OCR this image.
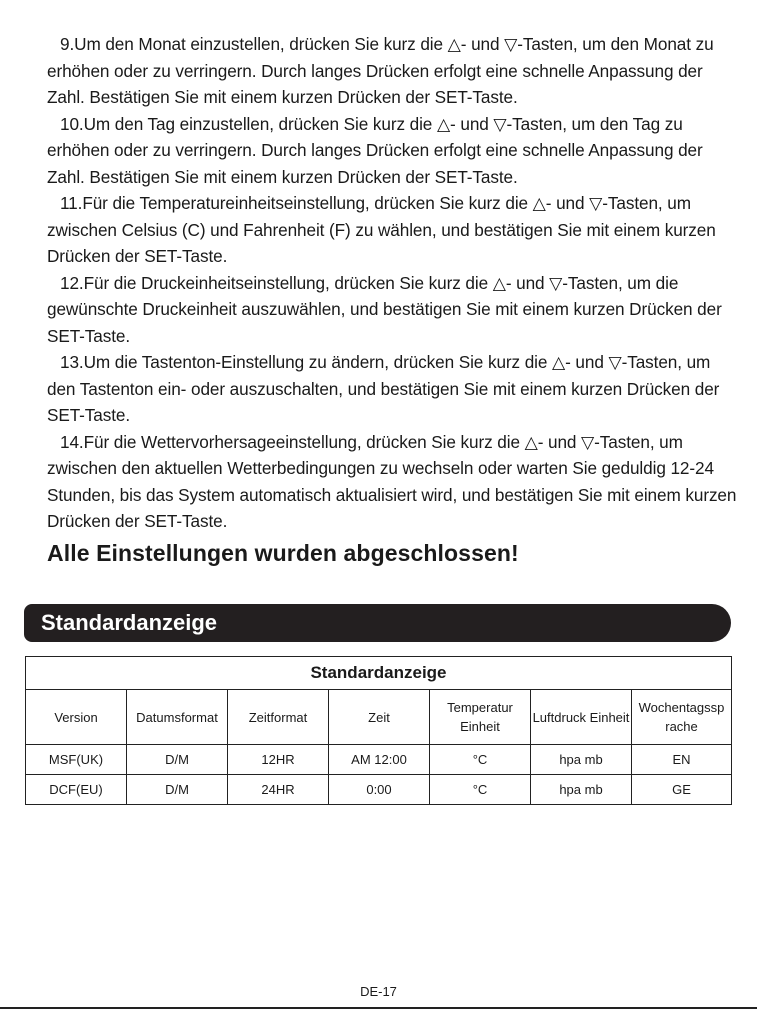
9.Um den Monat einzustellen, drücken Sie kurz die △- und ▽-Tasten, um den Monat zu erhöhen oder zu verringern. Durch langes Drücken erfolgt eine schnelle Anpassung der Zahl. Bestätigen Sie mit einem kurzen Drücken der SET-Taste.

10.Um den Tag einzustellen, drücken Sie kurz die △- und ▽-Tasten, um den Tag zu erhöhen oder zu verringern. Durch langes Drücken erfolgt eine schnelle Anpassung der Zahl. Bestätigen Sie mit einem kurzen Drücken der SET-Taste.

11.Für die Temperatureinheitseinstellung, drücken Sie kurz die △- und ▽-Tasten, um zwischen Celsius (C) und Fahrenheit (F) zu wählen, und bestätigen Sie mit einem kurzen Drücken der SET-Taste.

12.Für die Druckeinheitseinstellung, drücken Sie kurz die △- und ▽-Tasten, um die gewünschte Druckeinheit auszuwählen, und bestätigen Sie mit einem kurzen Drücken der SET-Taste.

13.Um die Tastenton-Einstellung zu ändern, drücken Sie kurz die △- und ▽-Tasten, um den Tastenton ein- oder auszuschalten, und bestätigen Sie mit einem kurzen Drücken der SET-Taste.

14.Für die Wettervorhersageeinstellung, drücken Sie kurz die △- und ▽-Tasten, um zwischen den aktuellen Wetterbedingungen zu wechseln oder warten Sie geduldig 12-24 Stunden, bis das System automatisch aktualisiert wird, und bestätigen Sie mit einem kurzen Drücken der SET-Taste.

Alle Einstellungen wurden abgeschlossen!
Standardanzeige
Standardanzeige						
Version	Datumsformat	Zeitformat	Zeit	Temperatur Einheit	Luftdruck Einheit	Wochentagssp rache
MSF(UK)	D/M	12HR	AM 12:00	°C	hpa mb	EN
DCF(EU)	D/M	24HR	0:00	°C	hpa mb	GE
DE-17
